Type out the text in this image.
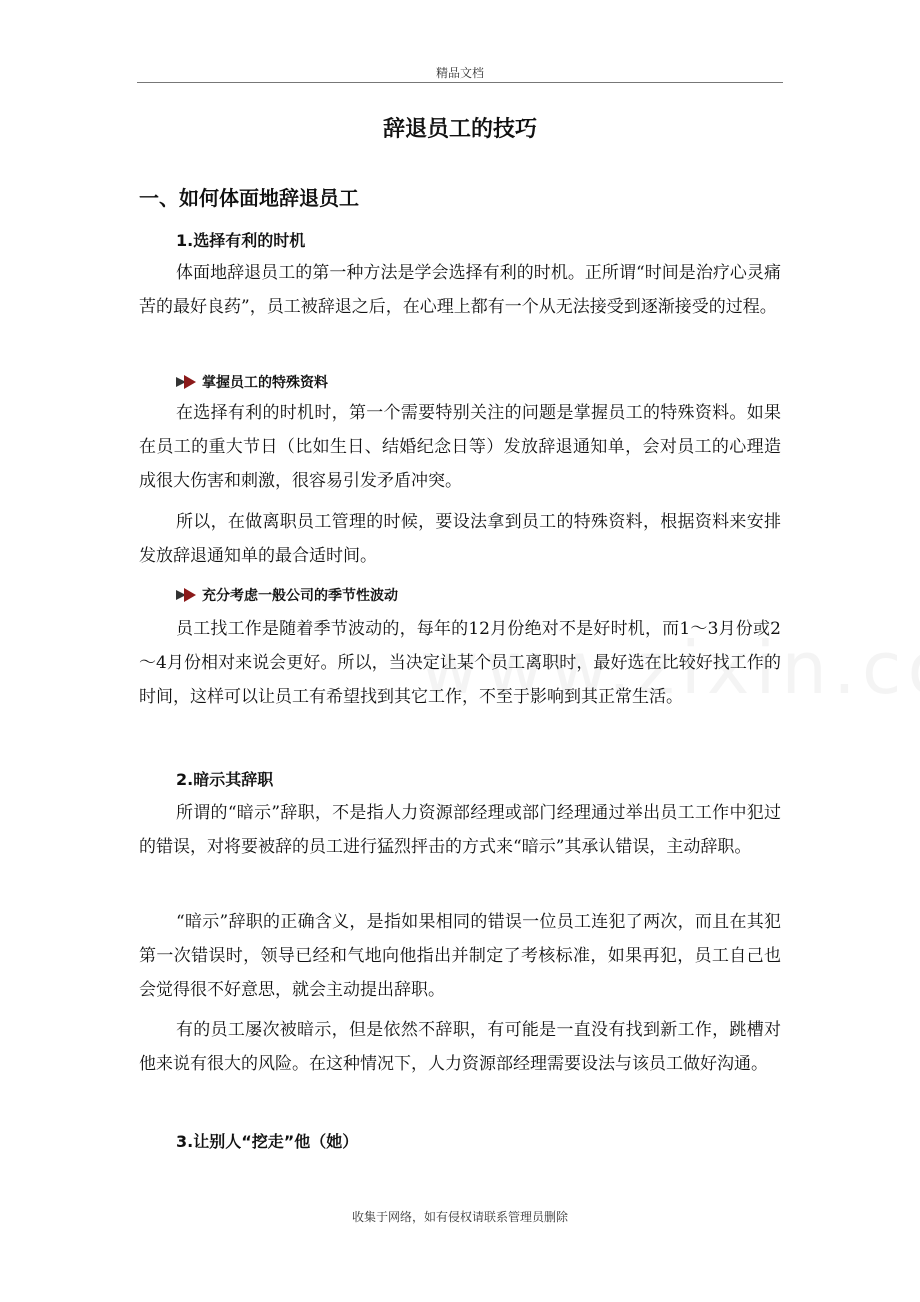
精品文档
辞退员工的技巧
一、如何体面地辞退员工
1.选择有利的时机

体面地辞退员工的第一种方法是学会选择有利的时机。正所谓“时间是治疗心灵痛苦的最好良药”，员工被辞退之后，在心理上都有一个从无法接受到逐渐接受的过程。

掌握员工的特殊资料

在选择有利的时机时，第一个需要特别关注的问题是掌握员工的特殊资料。如果在员工的重大节日（比如生日、结婚纪念日等）发放辞退通知单，会对员工的心理造成很大伤害和刺激，很容易引发矛盾冲突。

所以，在做离职员工管理的时候，要设法拿到员工的特殊资料，根据资料来安排发放辞退通知单的最合适时间。

充分考虑一般公司的季节性波动

员工找工作是随着季节波动的，每年的12月份绝对不是好时机，而1～3月份或2～4月份相对来说会更好。所以，当决定让某个员工离职时，最好选在比较好找工作的时间，这样可以让员工有希望找到其它工作，不至于影响到其正常生活。

2.暗示其辞职

所谓的“暗示”辞职，不是指人力资源部经理或部门经理通过举出员工工作中犯过的错误，对将要被辞的员工进行猛烈抨击的方式来“暗示”其承认错误，主动辞职。

“暗示”辞职的正确含义，是指如果相同的错误一位员工连犯了两次，而且在其犯第一次错误时，领导已经和气地向他指出并制定了考核标准，如果再犯，员工自己也会觉得很不好意思，就会主动提出辞职。

有的员工屡次被暗示，但是依然不辞职，有可能是一直没有找到新工作，跳槽对他来说有很大的风险。在这种情况下，人力资源部经理需要设法与该员工做好沟通。

3.让别人“挖走”他（她）
收集于网络，如有侵权请联系管理员删除
